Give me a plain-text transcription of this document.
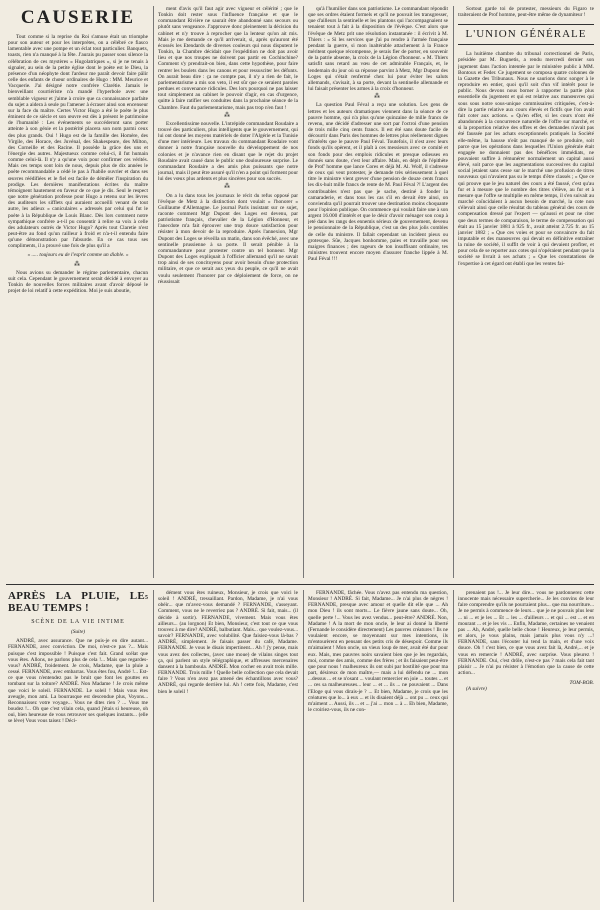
CAUSERIE

Tout comme si la reprise du Roi s'amuse était un triomphe pour son auteur et pour les interprètes, on a célébré ce fiasco lamentable avec une pompe et un éclat tout particulier. Banquets, toasts, rien n'a manqué à la fête. J'aurais pu passer sous silence la célébration de ces mystères « Hugolatriques », si je ne tenais à signaler, au sein de la petite église dont le poète est le Dieu, la présence d'un néophyte dont l'ardeur me paraît devoir faire pâlir celle des enfants de chœur ordinaires de Hugo : MM. Meurice et Vacquerie. J'ai désigné notre confrère Clarétie. Jamais le bienveillant courriériste n'a mandé l'hyperbole avec une semblable vigueur et j'aime à croire que ca connaissance parfaite du sujet a aidera à seule pu l'amener à écraser ainsi son encenseur sur la face du maître. Certes Victor Hugo a été le poète le plus éminent de ce siècle et son œuvre est dès à présent le patrimoine de l'humanité : Les événements se succéderont sans porter atteinte à son génie et la postérité placera son nom parmi ceux des plus grands. Oui ! Hugo est de la famille des Homère, des Virgile, des Horace, des Juvénal, des Shakespeare, des Milton, des Corneille et des Racine. Il possède la grâce des uns et l'énergie des autres. Majestueux comme celui-ci, il fut humain comme celui-là. Il n'y a qu'une voix pour confirmer ces vérités. Mais ces temps sont loin de nous, depuis plus de dix années le poète recommandable a cédé le pas à l'habile ouvrier et dans ses œuvres réédifiées et le fiel est facile de démêler l'inspiration du prodige. Les dernières manifestations écrites du maître témoignent hautement en faveur de ce que je dis. Seul le respect que notre génération professe pour Hugo a retenu sur les lèvres des auditeurs les sifflets qui auraient accueilli venant de tout autre, les adieux « caniculaires » adressés par celui qui fut le poète à la République de Louis Blanc. Dès lors comment notre sympathique confrère a-t-il pu consentir à relire sa voix à celle des adulateurs outrés de Victor Hugo? Après tout Claretie n'est peut-être au fond qu'un railleur à froid et n'a-t-il entendu faire qu'une démonstration par l'absurde. En ce cas tous ses compliments, il a prouvé une fois de plus qu'il a

« ..... toujours eu de l'esprit comme un diable. »
⁂

Nous avions su demander le régime parlementaire, chacun suit cela. Cependant le gouvernement serait décidé à envoyer au Tonkin de nouvelles forces militaires avant d'avoir déposé le projet de loi relatif à cette expédition. Moi je suis aboutie,

ment d'avis qu'il faut agir avec vigueur et célérité ; que le Tonkin doit rester sous l'influence française et que le commandant Rivière ne saurait être abandonné sans secours ou plutôt sans vengeance. J'approuve donc pleinement la décision du cabinet et n'y trouve à reprocher que la lenteur qu'on ait mis. Mais je me demande ce qu'il arriverait, si, après qu'auront été écossés les Etendards de diverses couleurs qui nous disputent le Tonkin, la Chambre décidait que l'expédition ne doit pas avoir lieu et que nos troupes ne doivent pas partir en Cochinchine? Comment s'y prendrait-on bien, dans cette hypothèse, pour faire rentrer les boulets dans les canons et pour ressusciter les défunts. On aurait beau dire : ça ne compte pas, il n'y a rien de fait, le parlementarisme a mis son veto, il est sûr que ce seraient paroles perdues et convenance ridicules. Des lors pourquoi ne pas laisser tout simplement au cabinet le pouvoir d'agir, en cas d'urgence, quitte à faire ratifier ses conduites dans la prochaine séance de la Chambre. Faut du parlementarisme, mais pas trop n'en faut !

⁂

Excellentissime nouvelle. L'intrépide commandant Roudaire a trouvé des particuliers, plus intelligents que le gouvernement, qui lui ont donné les moyens matériels de doter l'Algérie et la Tunisie d'une mer intérieure. Les travaux du commandant Roudaire vont donner à notre française nouvelle du développement de nos colonies et je n'avance rien en disant que le rejet du projet Roudaire avait causé dans le public une douloureuse surprise. Le commandant Roudaire a des amis plus puissants que notre journal, mais il peut être assuré qu'il n'en a point qui forment pour lui des vœux plus ardents et plus sincères pour son succès.

⁂

On a lu dans tous les journaux le récit du refus opposé par l'évêque de Metz à la distinction dont voulait « l'honorer » Guillaume d'Allemagne. Le journal Paris insistant sur ce sujet, raconte comment Mgr Dupont des Loges est devenu, par patriotisme français, chevalier de la Légion d'Honneur, et l'anecdote m'a fait éprouver une trop douce satisfaction pour résister à mon devoir de la reproduire. Après l'annexion, Mgr Dupont des Loges se réveilla un matin, dans son évêché, avec une sentinelle prussienne à sa porte. Il serait pénible à la commandanture pour protester contre un tel honneur. Mgr Dupont des Loges expliquait à l'officier allemand qu'il ne savait trop ainsi de ses concitoyens pour avoir besoin d'une protection militaire, et que ce serait aux yeux du peuple, ce qu'il ne avait voulu seulement l'honorer par ce déploiement de force, on ne réussissait

qu'à l'humilier dans son patriotisme. Le commandant répondit que ses ordres étaient formels et qu'il ne pouvait les transgresser, que d'ailleurs la sentinelle et les plantons qui l'accompagnaient se tenaient tout à fait à la disposition de l'évêque. C'est alors que l'évêque de Metz prit une résolution instantanée : il écrivit à M. Thiers : « Si les services que j'ai pu rendre à l'armée française pendant la guerre, si mon inaltérable attachement à la France méritent quelque récompense, je serais fier de porter, en souvenir de la patrie absente, la croix de la Légion d'honneur. » M. Thiers satisfit sans retard au vœu de cet admirable Français, et, le lendemain du jour où sa réponse parvint à Metz, Mgr Dupont des Loges qui s'était renfermé chez lui pour éviter les saluts allemands, s'avisait, à sa porte, devant la sentinelle allemande et lui faisait présenter les armes à la croix d'honneur.

⁂

La question Paul Féval a reçu une solution. Les gens de lettres et les auteurs dramatiques viennent dans la séance de ce pauvre homme, qui n'a plus qu'une quinzaine de mille francs de revenu, une décidé d'adresser une sort par l'octroi d'une pension de trois mille cinq cents francs. Il est été sans doute facile de décourrir dans Paris des hommes de lettres plus réellement dignes d'intérêts que le pauvre Paul Féval. Toutefois, il n'est avec leurs fonds qu'ils opèrent, et il plaît à ces messieurs avec ce comité et son fonds pour des emplois ridicules et presque odieuses en donnés sans doute, c'est leur affaire. Mais, en dépit de l'épithète de Prof' homme que lance Cores et déjà M. Al. Wolf, il s'adresse de ceux qui veut protester, je demande très sérieusement à quel titre le ministre vient grever d'une pension de douze cents francs les dix-huit mille francs de rente de M. Paul Féval ?! L'argent des contribuables n'est pas que je sache, destiné à fonder la camaraderie, et dans tous les cas s'il en devait être ainsi, on conviendra qu'il pourrait trouver une destination moins choquante pour l'opinion publique. On commence qui voulait faire une à son argent 16.000 d'intérêt et que le désir d'avoir ménager son coup à jeté dans les rangs des ennemis sérieux de gouvernement, devenu le pensionnaire de la République, c'est un des plus jolis combles de celle du ministre. Il fallait cependant un incident pieux ou grotesque. Sûe, Jacques bonhomme, paies et travaille pour ses maigres finances ; des rageurs de ton insuffisant ordinaire, tes ministres trouvent encore moyen d'assurer franche lippée à M. Paul Féval !!!

Sortout garde toi de protester, messieurs du Figaro te traiteraient de Prof homme, peut-être même de dynamiteur !

L'UNION GÉNÉRALE

La huitième chambre du tribunal correctionnel de Paris, présidée par M. Bugnetis, a rendu mercredi dernier son jugement dans l'action intentée par le ministère public à MM. Bontoux et Feder. Ce jugement se composa quatre colonnes de la Gazette des Tribunaux. Nous ne saurions donc songer à le reproduire en entier, quoi qu'il soit d'un vif intérêt pour le public. Nous devons nous borner à rapporter la partie plus essentielle du jugement et qui est relative aux manœuvres qui sous sous notre sous-unique commissaires critiquées, c'est-à-dire la partie relative aux cours élevés et fictifs que l'on avait fait coter aux actions. « Qu'en effet, si les cours n'ont été abandonnés à la concurrence naturelle de l'offre sur marché, et si la proportion relative des offres et des demandes n'avait pas été faussée par les achats exceptionnels pratiqués la Société elle-même, la hausse n'eût pas manqué de se produire, soit parce que les opérations dans lesquelles l'Union générale était engagée ne donnaient pas des bénéfices immédiats, ne pouvaient suffire à rémunérer normalement un capital aussi élevé, soit parce que les augmentations successives du capital social jetaient sans cesse sur le marché une profusion de titres nouveaux qui n'avaient pas su le temps d'être classés ; « Que ce qui prouve que le jeu naturel des cours a été faussé, c'est qu'au fur et à mesure que le nombre des titres s'élève, au fur et à mesure que l'offre se multiplie en même temps, il s'en suivait au marché coïncidaient à aucun besoin de marché, la cote non s'élevait ainsi que celle résultat du tableau général des cours de compensation dressé par l'expert — qu'aussi et pour ne citer que deux termes de comparaison, le terme de compensation qui était au 15 janvier 1881 à 925 fr., avait atteint 2.725 fr. au 15 janvier 1882 ; « Que ces voies et pour se convaincre du fait imputable et des manœuvres qui devait en définitive entraîner la ruine de société, il suffit de voir à qui devaient profiter, et pour cela de se reporter aux cotes qui n'opéraient pendant que la société se livrait à ses achats ; « Que les constatations de l'expertise à cet égard ont établi que les ventes fai-

APRÈS LA PLUIE, LE BEAU TEMPS !
5
SCÈNE DE LA VIE INTIME
(Suite)

ANDRÉ, avec assurance. Que ne puis-je en dire autant... FERNANDE, avec conviction. De moi, n'est-ce pas ?... Mais puisque c'est impossible ! Puisque c'est fait. Grand scélat que vous êtes. Allons, ne parlons plus de cela !... Mais que regardes-vous? ANDRÉ, froidement. Je crois, Madame, que la pluie a cessé. FERNANDE, avec embarras. Vous êtes fou, André !... Est-ce que vous n'entendez pas le bruit que font les gouttes en tombant sur la toiture? ANDRÉ. Non Madame ! Je crois même que voici le soleil. FERNANDE. Le soleil ! Mais vous êtes aveugle, mon ami. La bourrasque est descendue plus, Voyons... Reconnaissez votre voyage... Vous ne dites rien ? ... Vous me boudez !... Oh que c'est vilain cela, quand j'étais si heureuse, oh oui, bien heureuse de vous retrouver ses quelques instants... (elle se lève) Vous vous taisez ! Déci-

dément vous êtes ruineux, Monsieur, je crois que voici le soleil ! ANDRÉ, tressaillant. Pardon, Madame, je n'ai vous obéir... que m'avez-vous demandé ? FERNANDE, s'asseyant. Comment, vous ne le reverriez pas ? ANDRÉ. Si fait, mais... (il décide à sortir). FERNANDE, vivement. Mais vous êtes ailleurs... (au lorgnon) Et bien, Monsieur, c'est tout ce que vous trouvez à me dire? ANDRÉ, balbutiant. Mais... que voulez-vous... savoir? FERNANDE, avec volubilité. Que faisiez-vous là-bas ? ANDRÉ, simplement. Je faisais passer du café, Madame. FERNANDE. Je vous le disais impertinent... Ah ! j'y pense, mais vous avez des collectes, (avec une moue) de vilains singes tout ça, qui parlent un style télégraphique, et affreuses mercenaires dansent à la bamboula. ANDRÉ. Mon cocher en avait trois mille. FERNANDE. Trois mille ! Quelle belle collection que cela devait faire ? Vous n'en avez pas amené des échantillons avec vous? ANDRÉ, qui regarde derrière lui. Ah ! cette fois, Madame, c'est bien le soleil !

FERNANDE, fâchée. Vous n'avez pas entendu ma question, Monsieur ! ANDRÉ. Si fait, Madame... Je n'ai plus de nègres ! FERNANDE, presque avec amour et quelle dit elle que ... Ah mon Dieu ! ils sont morts... Le fièvre jaune sans doute... Oh, quelle perte !... Vous les avez vendus... peut-être? ANDRÉ. Non, Madame ! A la mort de mon oncle, le leur ai donné la liberté (Fernande le considère directement) Les pauvres créatures ! Ils ne voulaient encore, se moyennant sur mes intentions, ils m'entourèrent en pensant des petits cris de désespoir. Comme ils m'aimaient ! Mon oncle, un vieux loup de mer, avait été dur pour eux. Mais, mes pauvres noirs savaient bien que je les regardais, moi, comme des amis, comme des frères ; et ils faisaient peut-être que pour nous ! malheureux ils ont subi par hostilité que pour ma part, désireux de mon maître,— mais a lui défendu ne ... mon ...dessus ... et se n'osant ... voulant remercier en joie ... toutes ... et ... ces sa malheureuses... leur ... et ... ils ... ne pouvaient ... Dans l'Eloge qui vous dirais-je ? ... Et bien, Madame, je crois que les créatures que lo... à eux ... et ils disaient déjà ... ont pu ... ceux qui m'aiment ... Aussi, ils ... et ... j'ai ... mon ... à ... Eh bien, Madame, le croiriez-vous, ils ne con-

prenaient pas !... Je leur dire... vous ne pardonnerez cette innocente mais nécessaire supercherie... Je les convins de leur faire comprendre qu'ils ne pourraient plus... que ma nourriture... Je ne permis à commence de leurs... que je ne pouvais plus leur ... ni ... et je les ... Et ... les ... d'ailleurs ... et qui ... est ... et en mourant ... et je les vis ... Enfin, Madame, certaines ne venaient pas ... Ah, André, quelle belle chose ! Heureux, je leur permis, et alors, je vous plains, mais jamais plus vous n'y ...! FERNANDE, sans l'écouter lui tend la main, et d'une voix douce. Oh ! c'est bien, ce que vous avez fait là, André,... et je vous en remercie ! ANDRÉ, avec surprise. Vous pleurez ! FERNANDE. Oui, c'est drôle, n'est-ce pas ? mais cela fait tant plaisir ... Je n'ai pu résister à l'émotion que la cause de cette action...

TOM-BOB.
(A suivre)
